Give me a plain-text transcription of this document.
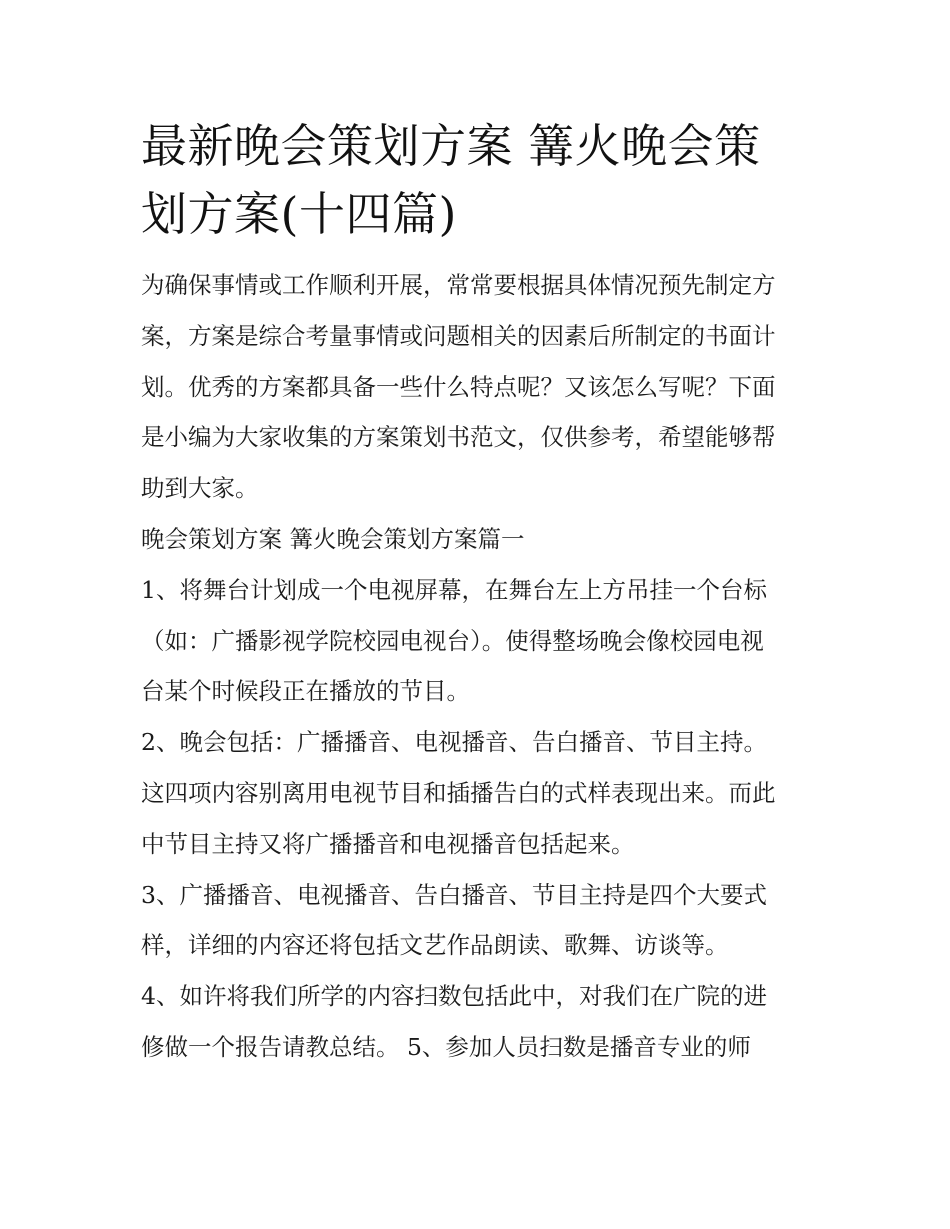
最新晚会策划方案 篝火晚会策
划方案(十四篇)
为确保事情或工作顺利开展，常常要根据具体情况预先制定方
案，方案是综合考量事情或问题相关的因素后所制定的书面计
划。优秀的方案都具备一些什么特点呢？又该怎么写呢？下面
是小编为大家收集的方案策划书范文，仅供参考，希望能够帮
助到大家。
晚会策划方案 篝火晚会策划方案篇一
1、将舞台计划成一个电视屏幕，在舞台左上方吊挂一个台标
（如：广播影视学院校园电视台）。使得整场晚会像校园电视
台某个时候段正在播放的节目。
2、晚会包括：广播播音、电视播音、告白播音、节目主持。
这四项内容别离用电视节目和插播告白的式样表现出来。而此
中节目主持又将广播播音和电视播音包括起来。
3、广播播音、电视播音、告白播音、节目主持是四个大要式
样，详细的内容还将包括文艺作品朗读、歌舞、访谈等。
4、如许将我们所学的内容扫数包括此中，对我们在广院的进
修做一个报告请教总结。 5、参加人员扫数是播音专业的师
